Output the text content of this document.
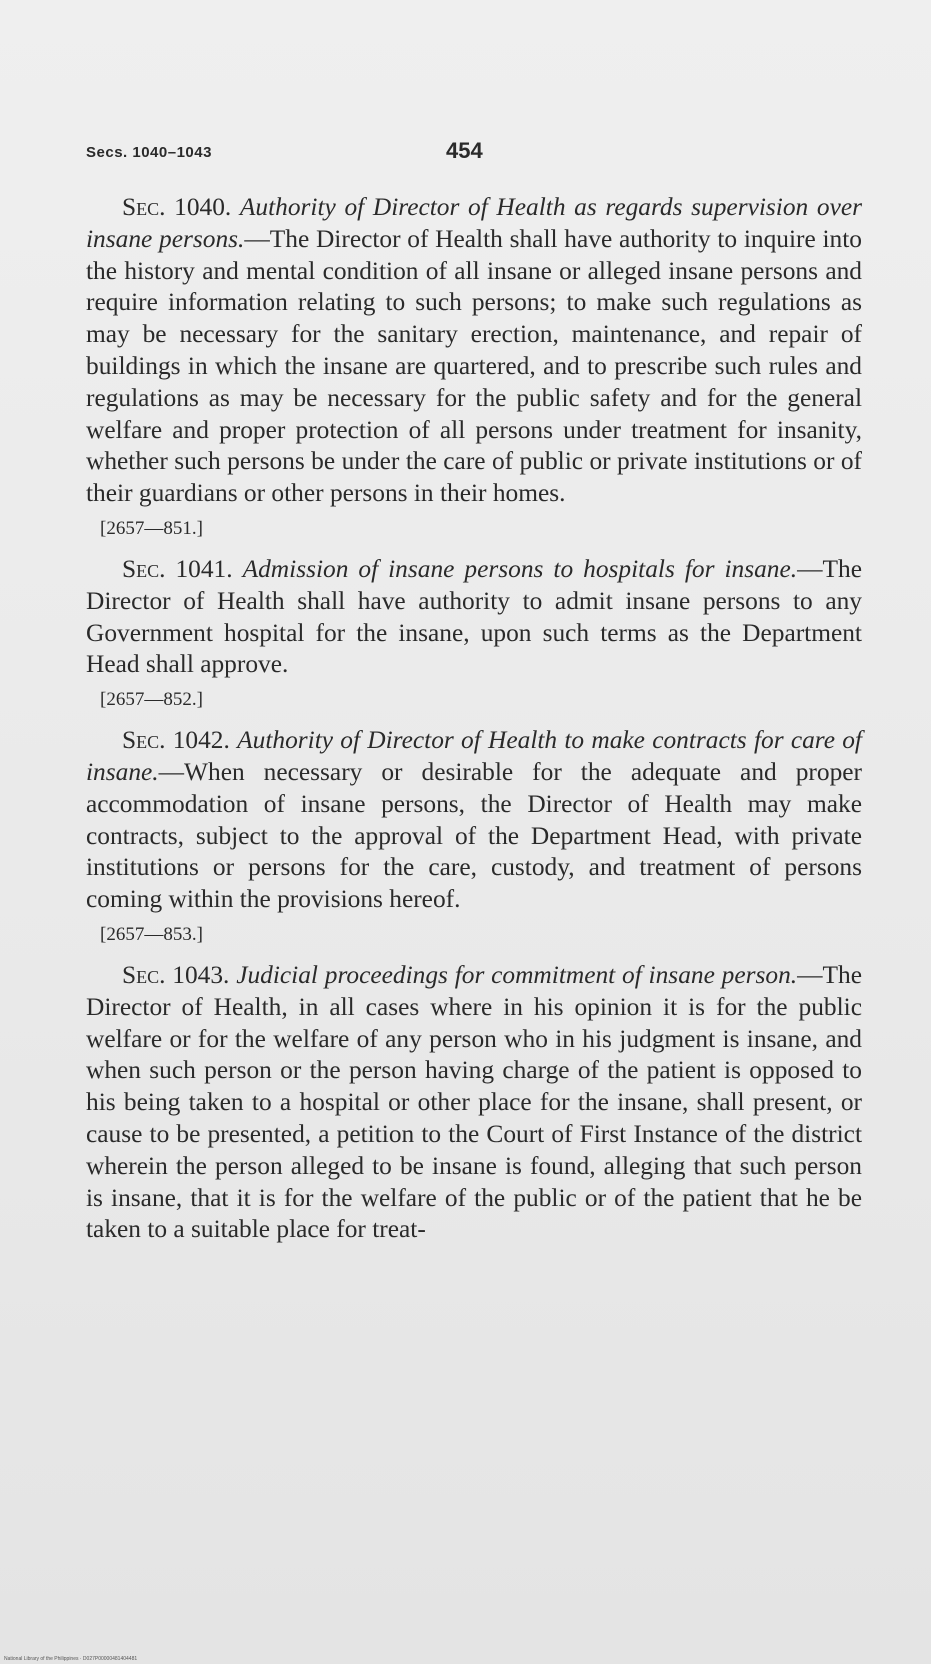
Secs. 1040–1043	454

Sec. 1040. Authority of Director of Health as regards supervision over insane persons.—The Director of Health shall have authority to inquire into the history and mental condition of all insane or alleged insane persons and require information relating to such persons; to make such regulations as may be necessary for the sanitary erection, maintenance, and repair of buildings in which the insane are quartered, and to prescribe such rules and regulations as may be necessary for the public safety and for the general welfare and proper protection of all persons under treatment for insanity, whether such persons be under the care of public or private institutions or of their guardians or other persons in their homes.

[2657—851.]

Sec. 1041. Admission of insane persons to hospitals for insane.—The Director of Health shall have authority to admit insane persons to any Government hospital for the insane, upon such terms as the Department Head shall approve.

[2657—852.]

Sec. 1042. Authority of Director of Health to make contracts for care of insane.—When necessary or desirable for the adequate and proper accommodation of insane persons, the Director of Health may make contracts, subject to the approval of the Department Head, with private institutions or persons for the care, custody, and treatment of persons coming within the provisions hereof.

[2657—853.]

Sec. 1043. Judicial proceedings for commitment of insane person.—The Director of Health, in all cases where in his opinion it is for the public welfare or for the welfare of any person who in his judgment is insane, and when such person or the person having charge of the patient is opposed to his being taken to a hospital or other place for the insane, shall present, or cause to be presented, a petition to the Court of First Instance of the district wherein the person alleged to be insane is found, alleging that such person is insane, that it is for the welfare of the public or of the patient that he be taken to a suitable place for treat-

National Library of the Philippines · D027P00000481404481
